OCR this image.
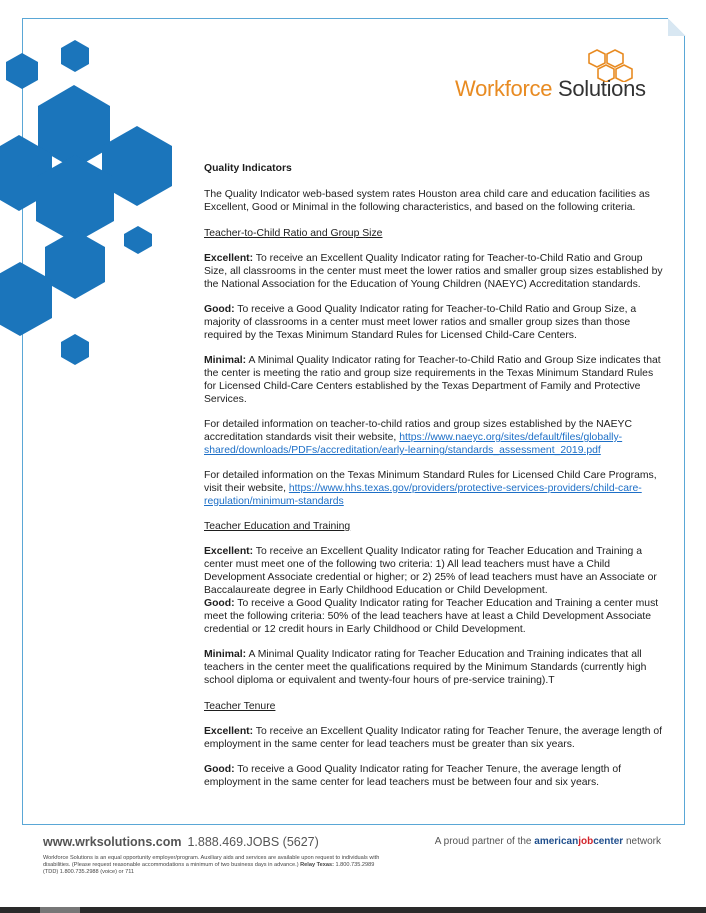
Workforce Solutions

Quality Indicators

The Quality Indicator web-based system rates Houston area child care and education facilities as Excellent, Good or Minimal in the following characteristics, and based on the following criteria.

Teacher-to-Child Ratio and Group Size

Excellent: To receive an Excellent Quality Indicator rating for Teacher-to-Child Ratio and Group Size, all classrooms in the center must meet the lower ratios and smaller group sizes established by the National Association for the Education of Young Children (NAEYC) Accreditation standards.

Good: To receive a Good Quality Indicator rating for Teacher-to-Child Ratio and Group Size, a majority of classrooms in a center must meet lower ratios and smaller group sizes than those required by the Texas Minimum Standard Rules for Licensed Child-Care Centers.

Minimal: A Minimal Quality Indicator rating for Teacher-to-Child Ratio and Group Size indicates that the center is meeting the ratio and group size requirements in the Texas Minimum Standard Rules for Licensed Child-Care Centers established by the Texas Department of Family and Protective Services.

For detailed information on teacher-to-child ratios and group sizes established by the NAEYC accreditation standards visit their website, https://www.naeyc.org/sites/default/files/globally-shared/downloads/PDFs/accreditation/early-learning/standards_assessment_2019.pdf

For detailed information on the Texas Minimum Standard Rules for Licensed Child Care Programs, visit their website, https://www.hhs.texas.gov/providers/protective-services-providers/child-care-regulation/minimum-standards

Teacher Education and Training

Excellent: To receive an Excellent Quality Indicator rating for Teacher Education and Training a center must meet one of the following two criteria: 1) All lead teachers must have a Child Development Associate credential or higher; or 2) 25% of lead teachers must have an Associate or Baccalaureate degree in Early Childhood Education or Child Development.

Good: To receive a Good Quality Indicator rating for Teacher Education and Training a center must meet the following criteria: 50% of the lead teachers have at least a Child Development Associate credential or 12 credit hours in Early Childhood or Child Development.

Minimal: A Minimal Quality Indicator rating for Teacher Education and Training indicates that all teachers in the center meet the qualifications required by the Minimum Standards (currently high school diploma or equivalent and twenty-four hours of pre-service training).T

Teacher Tenure

Excellent: To receive an Excellent Quality Indicator rating for Teacher Tenure, the average length of employment in the same center for lead teachers must be greater than six years.

Good: To receive a Good Quality Indicator rating for Teacher Tenure, the average length of employment in the same center for lead teachers must be between four and six years.

www.wrksolutions.com 1.888.469.JOBS (5627)	A proud partner of the americanjobcenter network
Workforce Solutions is an equal opportunity employer/program. Auxiliary aids and services are available upon request to individuals with disabilities. (Please request reasonable accommodations a minimum of two business days in advance.) Relay Texas: 1.800.735.2989 (TDD) 1.800.735.2988 (voice) or 711
